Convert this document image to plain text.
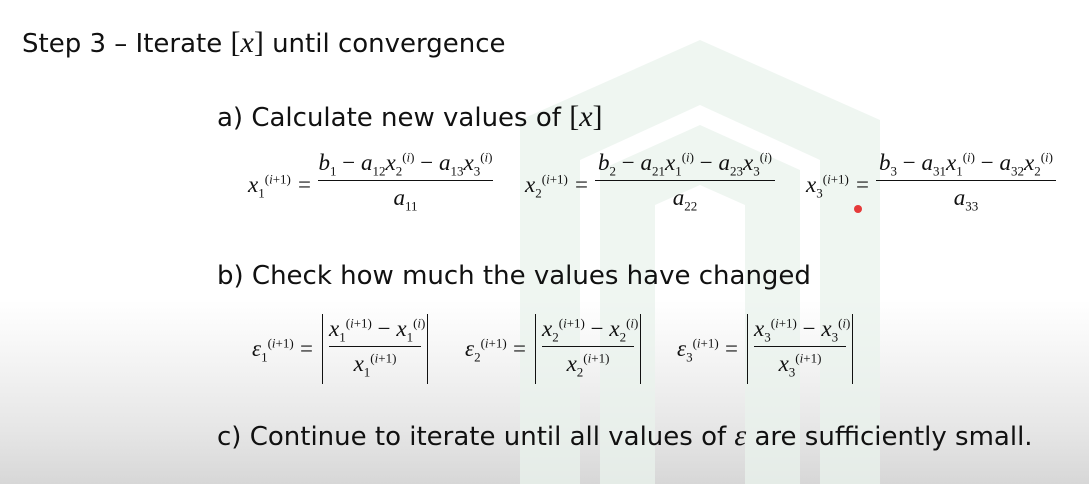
Step 3 – Iterate [x] until convergence
a) Calculate new values of [x]
$x_1^{(i+1)}$ =
$b_1 - a_{12}x_2^{(i)} - a_{13}x_3^{(i)}$
$a_{11}$
$x_2^{(i+1)}$ =
$b_2 - a_{21}x_1^{(i)} - a_{23}x_3^{(i)}$
$a_{22}$
$x_3^{(i+1)}$ =
$b_3 - a_{31}x_1^{(i)} - a_{32}x_2^{(i)}$
$a_{33}$
b) Check how much the values have changed
$\varepsilon_1^{(i+1)}$ =
$x_1^{(i+1)} - x_1^{(i)}$
$x_1^{(i+1)}$	$\varepsilon_2^{(i+1)}$ =
$x_2^{(i+1)} - x_2^{(i)}$
$x_2^{(i+1)}$	$\varepsilon_3^{(i+1)}$ =
$x_3^{(i+1)} - x_3^{(i)}$
$x_3^{(i+1)}$
c) Continue to iterate until all values of ε are sufficiently small.
